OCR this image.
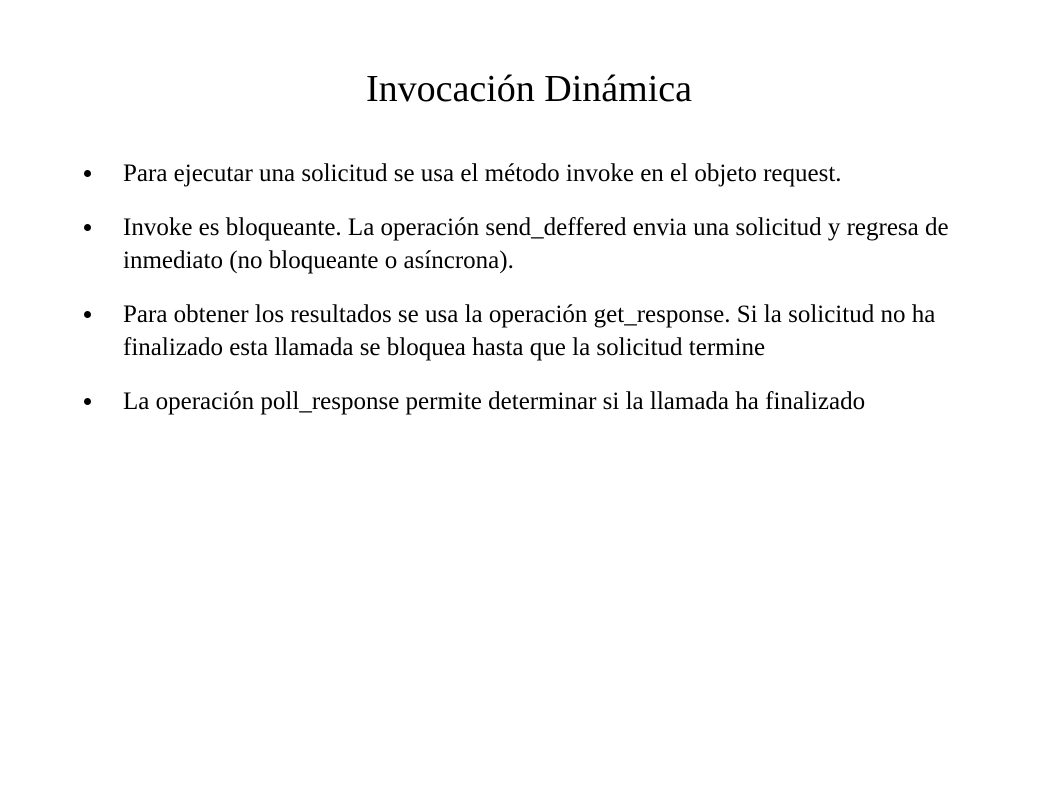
Invocación Dinámica
Para ejecutar una solicitud se usa el método invoke en el objeto request.
Invoke es bloqueante. La operación send_deffered envia una solicitud y regresa de inmediato (no bloqueante o asíncrona).
Para obtener los resultados se usa la operación get_response. Si la solicitud no ha finalizado esta llamada se bloquea hasta que la solicitud termine
La operación poll_response permite determinar si la llamada ha finalizado
